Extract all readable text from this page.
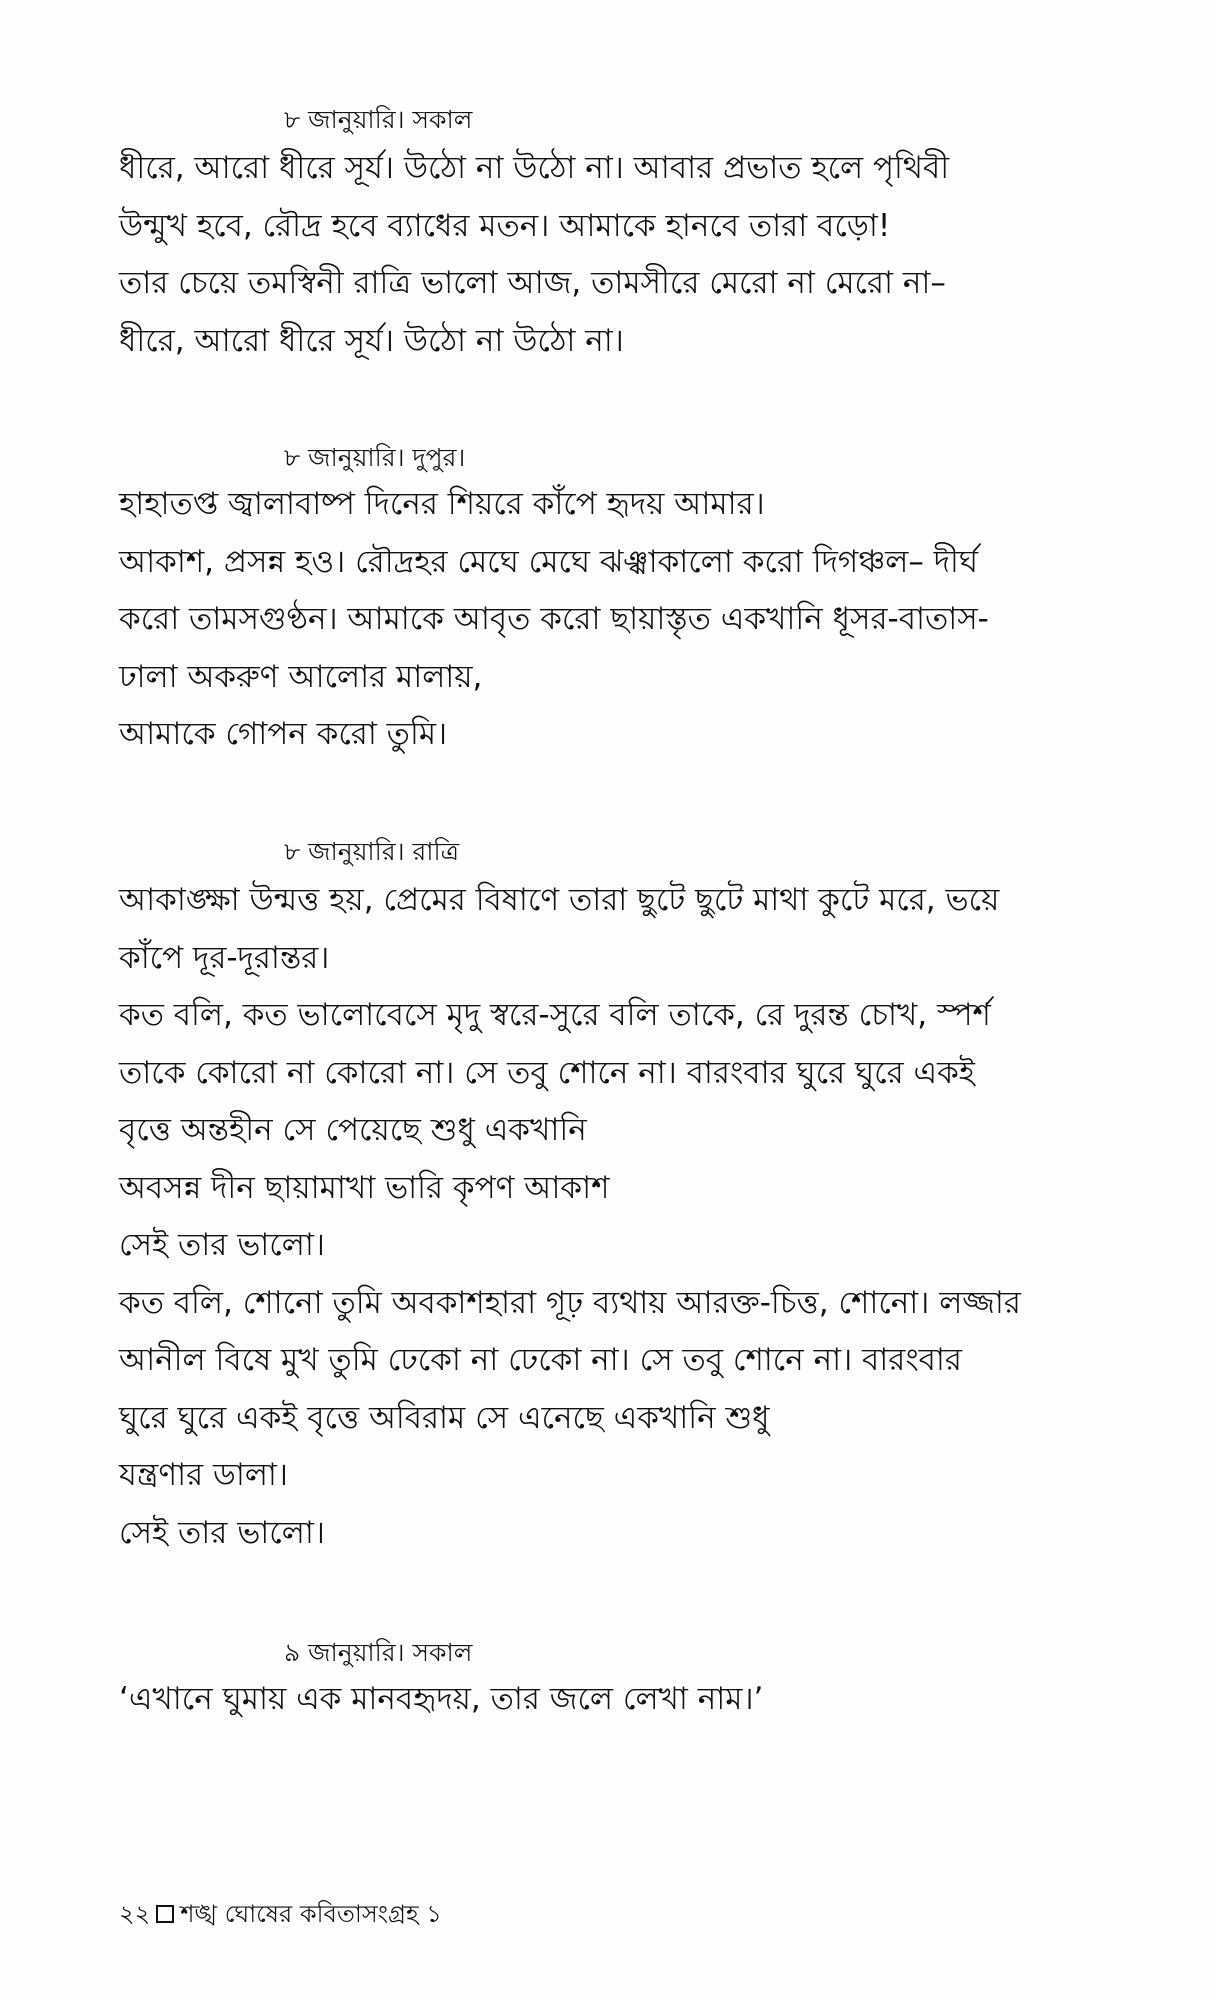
৮ জানুয়ারি। সকাল
ধীরে, আরো ধীরে সূর্য। উঠো না উঠো না। আবার প্রভাত হলে পৃথিবী
উন্মুখ হবে, রৌদ্র হবে ব্যাধের মতন। আমাকে হানবে তারা বড়ো!
তার চেয়ে তমস্বিনী রাত্রি ভালো আজ, তামসীরে মেরো না মেরো না–
ধীরে, আরো ধীরে সূর্য। উঠো না উঠো না।
৮ জানুয়ারি। দুপুর।
হাহাতপ্ত জ্বালাবাষ্প দিনের শিয়রে কাঁপে হৃদয় আমার।
আকাশ, প্রসন্ন হও। রৌদ্রহর মেঘে মেঘে ঝঞ্ঝাকালো করো দিগঞ্চল– দীর্ঘ
করো তামসগুণ্ঠন। আমাকে আবৃত করো ছায়াস্তৃত একখানি ধূসর-বাতাস-
ঢালা অকরুণ আলোর মালায়,
আমাকে গোপন করো তুমি।
৮ জানুয়ারি। রাত্রি
আকাঙ্ক্ষা উন্মত্ত হয়, প্রেমের বিষাণে তারা ছুটে ছুটে মাথা কুটে মরে, ভয়ে
কাঁপে দূর-দূরান্তর।
কত বলি, কত ভালোবেসে মৃদু স্বরে-সুরে বলি তাকে, রে দুরন্ত চোখ, স্পর্শ
তাকে কোরো না কোরো না। সে তবু শোনে না। বারংবার ঘুরে ঘুরে একই
বৃত্তে অন্তহীন সে পেয়েছে শুধু একখানি
অবসন্ন দীন ছায়ামাখা ভারি কৃপণ আকাশ
সেই তার ভালো।
কত বলি, শোনো তুমি অবকাশহারা গূঢ় ব্যথায় আরক্ত-চিত্ত, শোনো। লজ্জার
আনীল বিষে মুখ তুমি ঢেকো না ঢেকো না। সে তবু শোনে না। বারংবার
ঘুরে ঘুরে একই বৃত্তে অবিরাম সে এনেছে একখানি শুধু
যন্ত্রণার ডালা।
সেই তার ভালো।
৯ জানুয়ারি। সকাল
‘এখানে ঘুমায় এক মানবহৃদয়, তার জলে লেখা নাম।’
২২ শঙ্খ ঘোষের কবিতাসংগ্রহ ১
